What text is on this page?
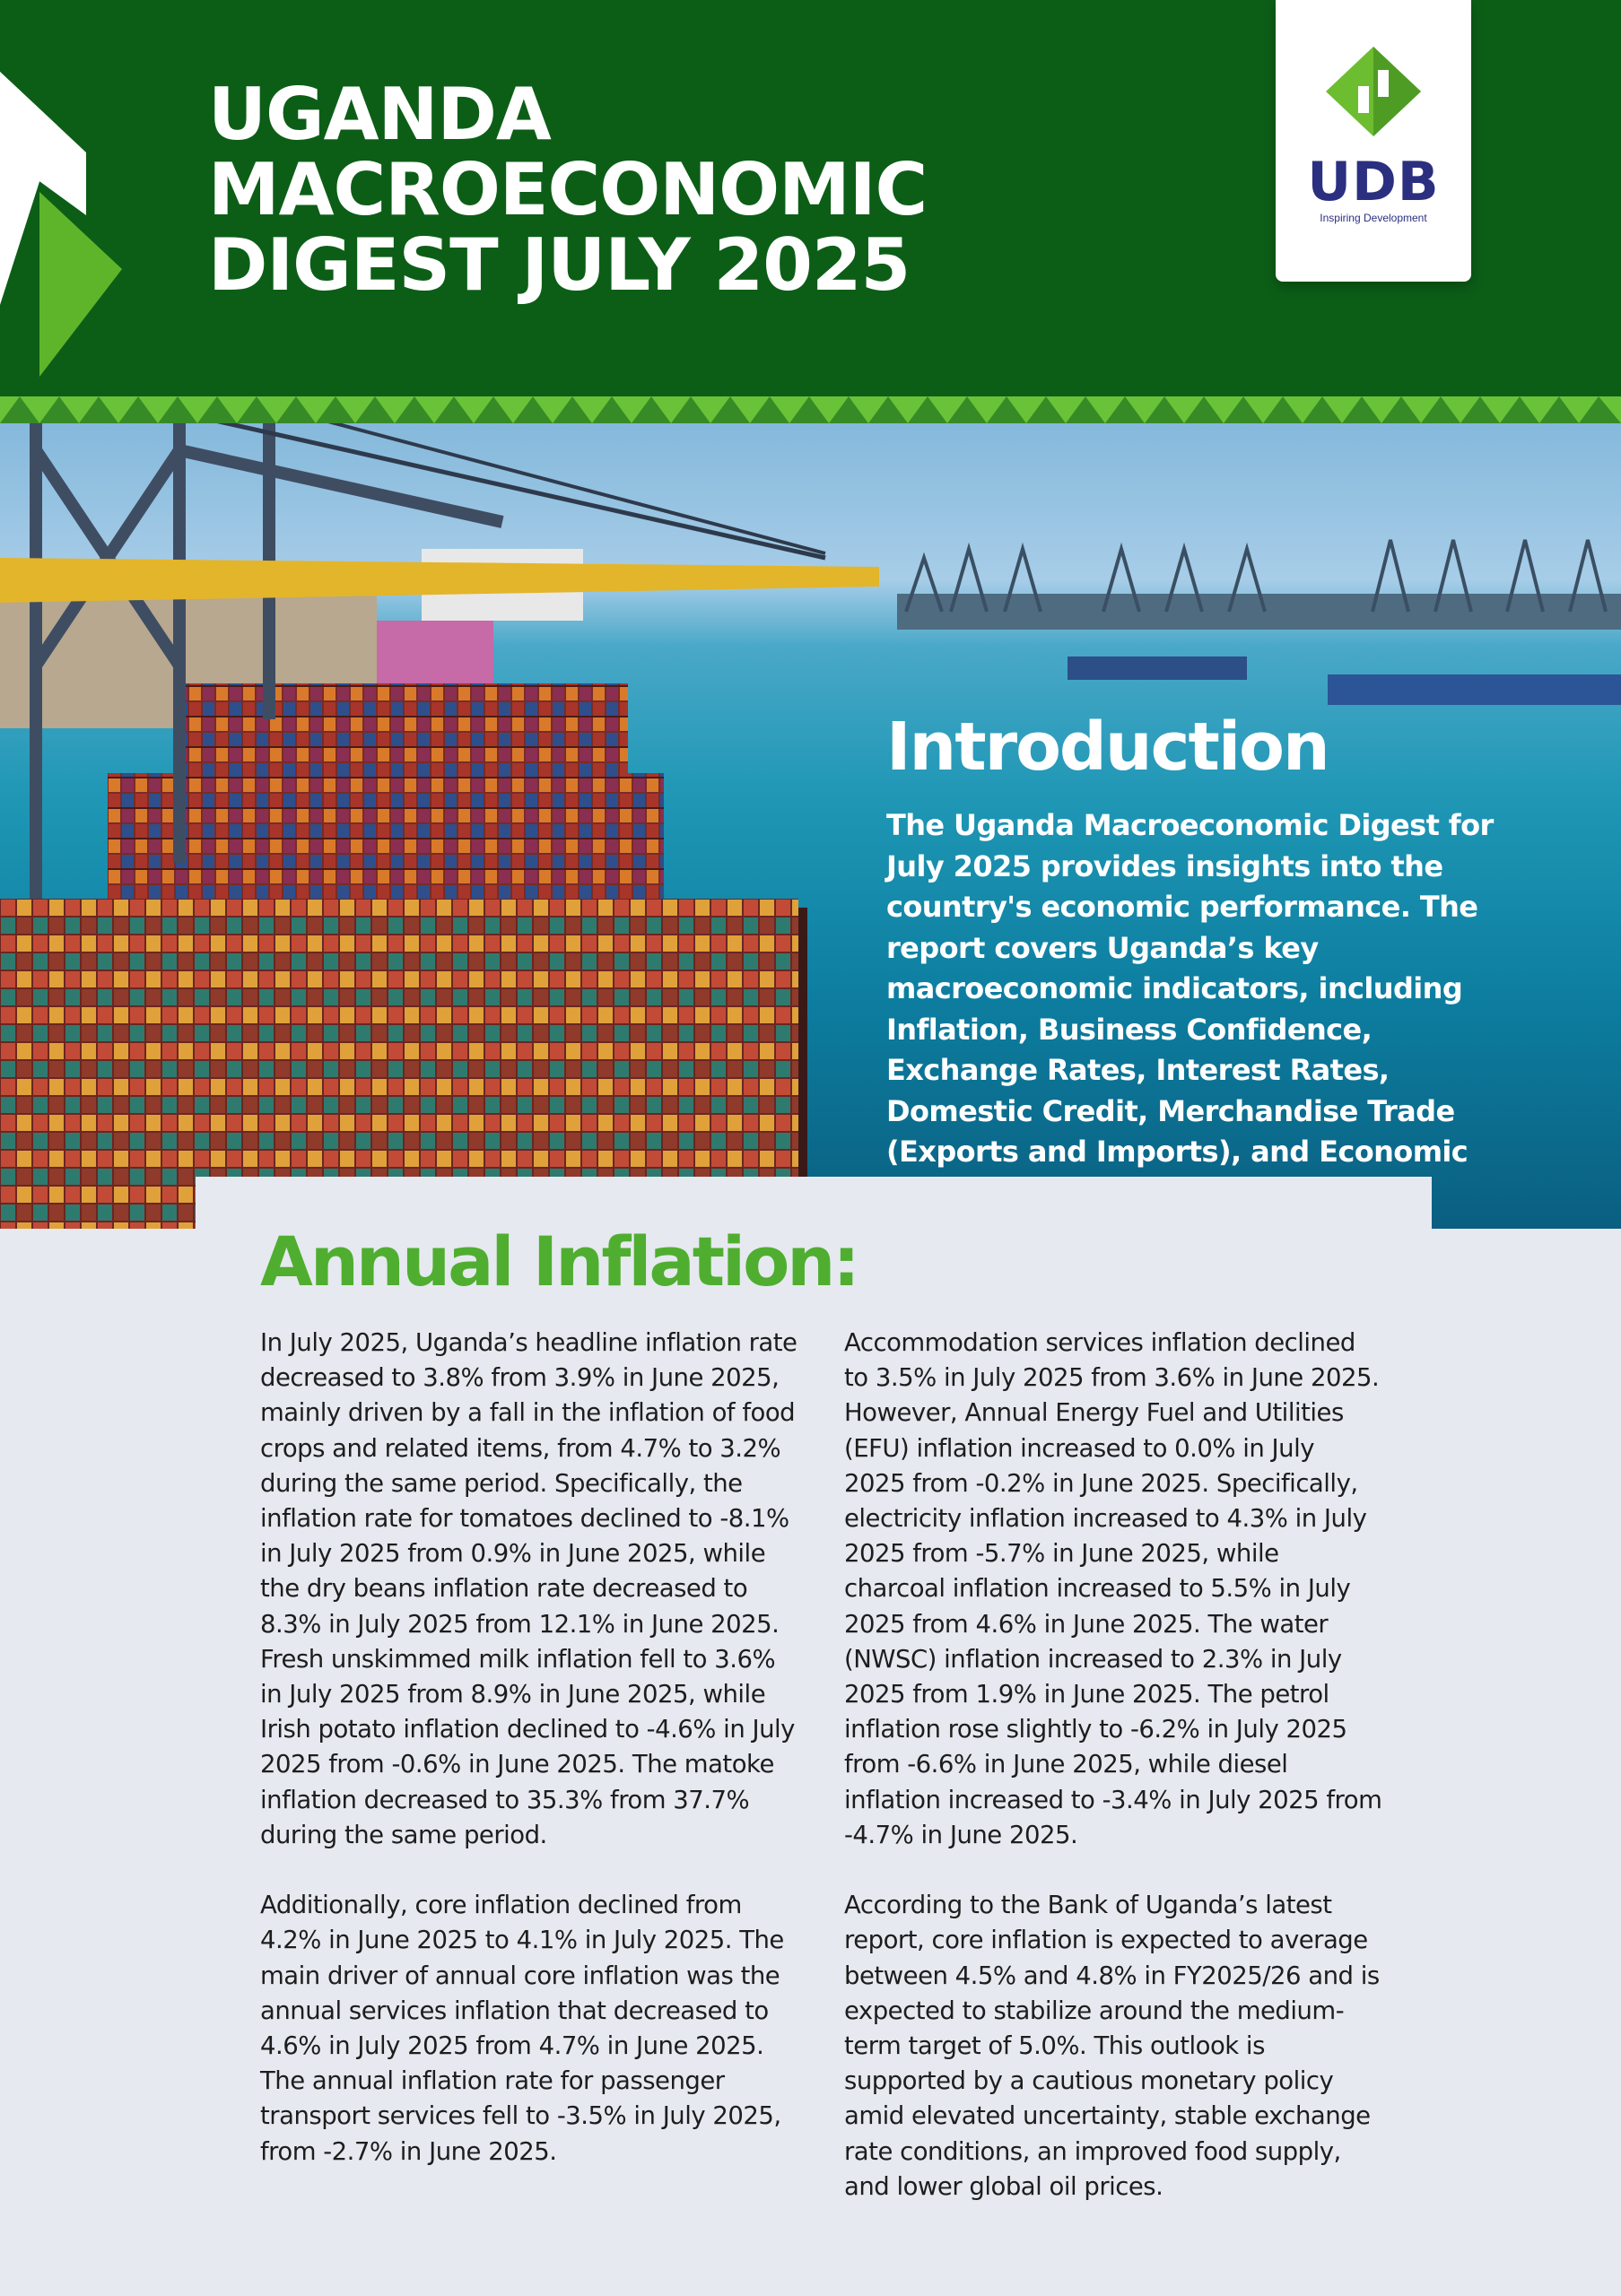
UGANDA
MACROECONOMIC
DIGEST JULY 2025
UDB
Inspiring Development
Introduction

The Uganda Macroeconomic Digest for July 2025 provides insights into the country's economic performance. The report covers Uganda’s key macroeconomic indicators, including Inflation, Business Confidence, Exchange Rates, Interest Rates, Domestic Credit, Merchandise Trade (Exports and Imports), and Economic

Annual Inflation:

In July 2025, Uganda’s headline inflation rate decreased to 3.8% from 3.9% in June 2025, mainly driven by a fall in the inflation of food crops and related items, from 4.7% to 3.2% during the same period. Specifically, the inflation rate for tomatoes declined to -8.1% in July 2025 from 0.9% in June 2025, while the dry beans inflation rate decreased to 8.3% in July 2025 from 12.1% in June 2025. Fresh unskimmed milk inflation fell to 3.6% in July 2025 from 8.9% in June 2025, while Irish potato inflation declined to -4.6% in July 2025 from -0.6% in June 2025. The matoke inflation decreased to 35.3% from 37.7% during the same period.

Additionally, core inflation declined from 4.2% in June 2025 to 4.1% in July 2025. The main driver of annual core inflation was the annual services inflation that decreased to 4.6% in July 2025 from 4.7% in June 2025. The annual inflation rate for passenger transport services fell to -3.5% in July 2025, from -2.7% in June 2025.

Accommodation services inflation declined to 3.5% in July 2025 from 3.6% in June 2025. However, Annual Energy Fuel and Utilities (EFU) inflation increased to 0.0% in July 2025 from -0.2% in June 2025. Specifically, electricity inflation increased to 4.3% in July 2025 from -5.7% in June 2025, while charcoal inflation increased to 5.5% in July 2025 from 4.6% in June 2025. The water (NWSC) inflation increased to 2.3% in July 2025 from 1.9% in June 2025. The petrol inflation rose slightly to -6.2% in July 2025 from -6.6% in June 2025, while diesel inflation increased to -3.4% in July 2025 from -4.7% in June 2025.

According to the Bank of Uganda’s latest report, core inflation is expected to average between 4.5% and 4.8% in FY2025/26 and is expected to stabilize around the medium-term target of 5.0%. This outlook is supported by a cautious monetary policy amid elevated uncertainty, stable exchange rate conditions, an improved food supply, and lower global oil prices.
